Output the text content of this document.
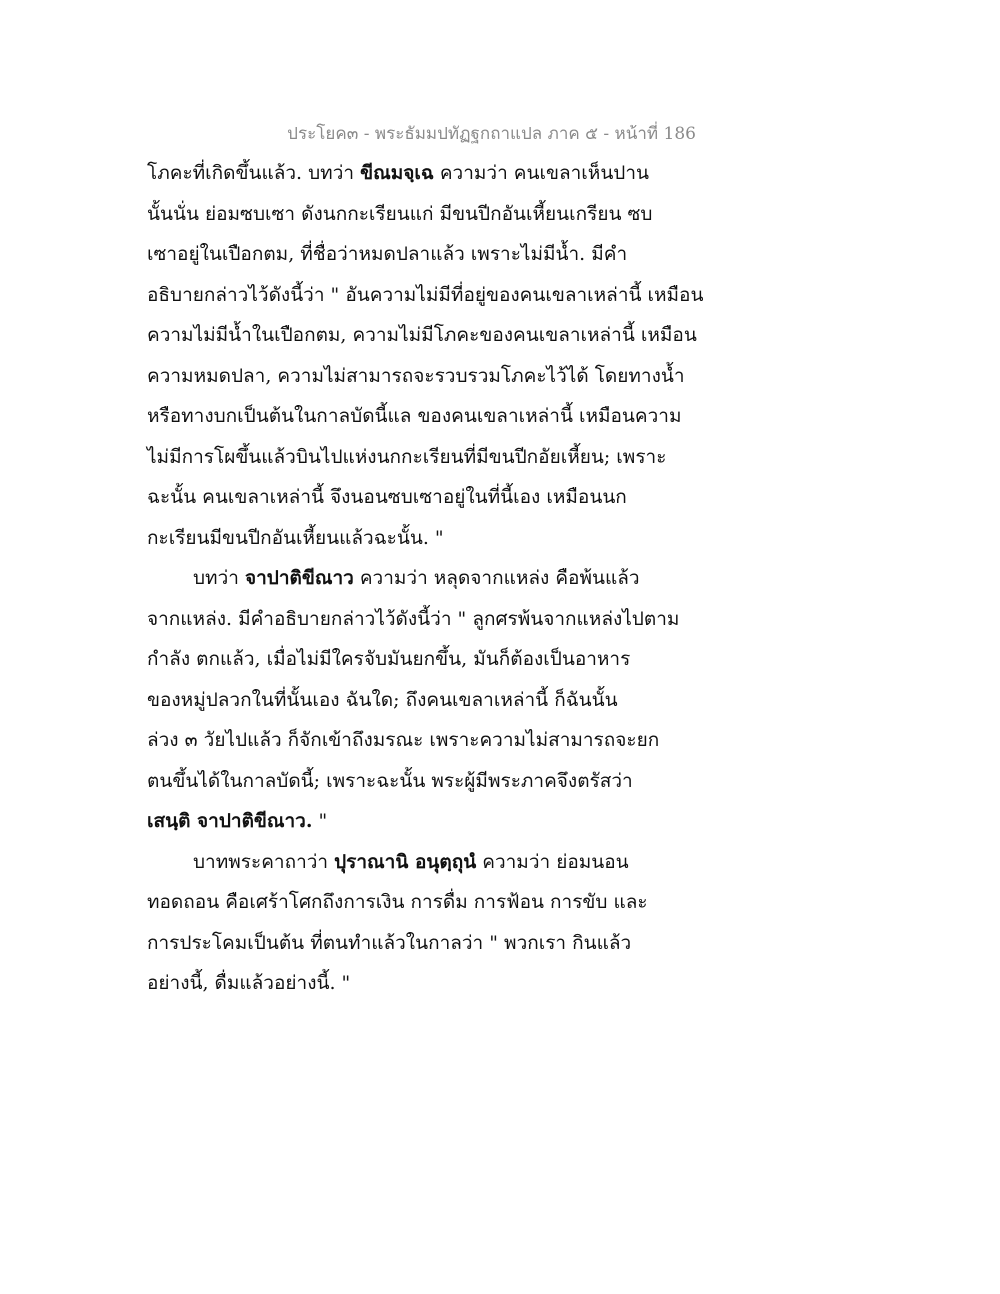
ประโยค๓ - พระธัมมปทัฏฐกถาแปล ภาค ๕ - หน้าที่ 186
โภคะที่เกิดขึ้นแล้ว. บทว่า ขีณมจฺเฉ ความว่า คนเขลาเห็นปาน
นั้นนั่น ย่อมซบเซา ดังนกกะเรียนแก่ มีขนปีกอันเหี้ยนเกรียน ซบ
เซาอยู่ในเปือกตม, ที่ชื่อว่าหมดปลาแล้ว เพราะไม่มีน้ำ. มีคำ
อธิบายกล่าวไว้ดังนี้ว่า " อันความไม่มีที่อยู่ของคนเขลาเหล่านี้ เหมือน
ความไม่มีน้ำในเปือกตม, ความไม่มีโภคะของคนเขลาเหล่านี้ เหมือน
ความหมดปลา, ความไม่สามารถจะรวบรวมโภคะไว้ได้ โดยทางน้ำ
หรือทางบกเป็นต้นในกาลบัดนี้แล ของคนเขลาเหล่านี้ เหมือนความ
ไม่มีการโผขึ้นแล้วบินไปแห่งนกกะเรียนที่มีขนปีกอัยเหี้ยน; เพราะ
ฉะนั้น คนเขลาเหล่านี้ จึงนอนซบเซาอยู่ในที่นี้เอง เหมือนนก
กะเรียนมีขนปีกอันเหี้ยนแล้วฉะนั้น. "
บทว่า จาปาติขีณาว ความว่า หลุดจากแหล่ง คือพ้นแล้ว
จากแหล่ง. มีคำอธิบายกล่าวไว้ดังนี้ว่า " ลูกศรพ้นจากแหล่งไปตาม
กำลัง ตกแล้ว, เมื่อไม่มีใครจับมันยกขึ้น, มันก็ต้องเป็นอาหาร
ของหมู่ปลวกในที่นั้นเอง ฉันใด; ถึงคนเขลาเหล่านี้ ก็ฉันนั้น
ล่วง ๓ วัยไปแล้ว ก็จักเข้าถึงมรณะ เพราะความไม่สามารถจะยก
ตนขึ้นได้ในกาลบัดนี้; เพราะฉะนั้น พระผู้มีพระภาคจึงตรัสว่า
เสนฺติ จาปาติขีณาว. "
บาทพระคาถาว่า ปุราณานิ อนุตฺถุนํ ความว่า ย่อมนอน
ทอดถอน คือเศร้าโศกถึงการเงิน การดื่ม การฟ้อน การขับ และ
การประโคมเป็นต้น ที่ตนทำแล้วในกาลว่า " พวกเรา กินแล้ว
อย่างนี้, ดื่มแล้วอย่างนี้. "
